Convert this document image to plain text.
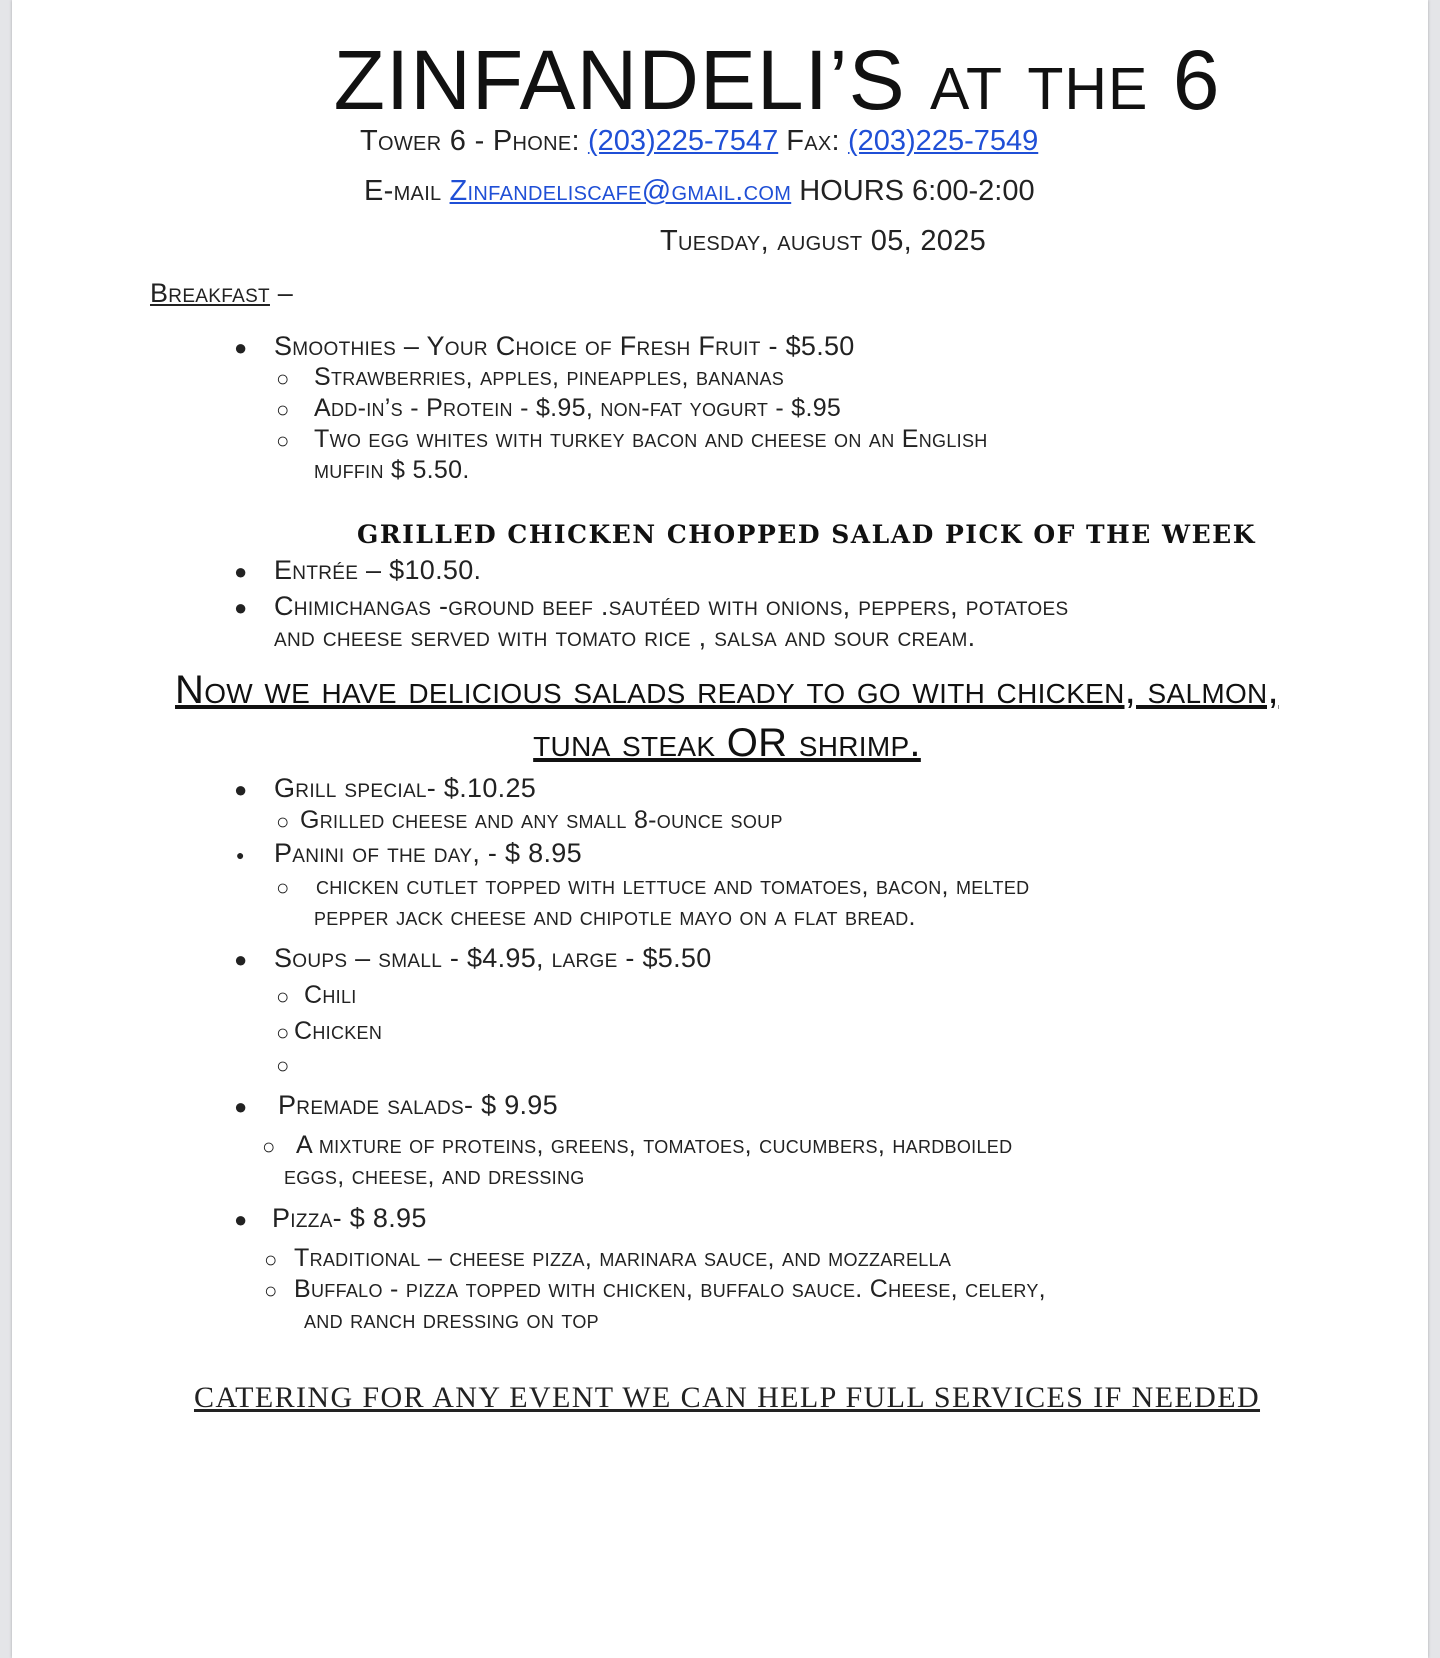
ZINFANDELI’S at the 6
Tower 6 - Phone: (203)225-7547 Fax: (203)225-7549
E-mail Zinfandeliscafe@gmail.com HOURS 6:00-2:00
Tuesday, august 05, 2025
Breakfast –
● Smoothies – Your Choice of Fresh Fruit - $5.50
○ Strawberries, apples, pineapples, bananas
○ Add-in’s - Protein - $.95, non-fat yogurt - $.95
○ Two egg whites with turkey bacon and cheese on an English
muffin $ 5.50.
GRILLED CHICKEN CHOPPED SALAD PICK OF THE WEEK
● Entrée – $10.50.
● Chimichangas -ground beef .sautéed with onions, peppers, potatoes
and cheese served with tomato rice , salsa and sour cream.
Now we have delicious salads ready to go with chicken, salmon, tuna steak OR shrimp.
● Grill special- $.10.25
○ Grilled cheese and any small 8-ounce soup
● Panini of the day, - $ 8.95
○ chicken cutlet topped with lettuce and tomatoes, bacon, melted
pepper jack cheese and chipotle mayo on a flat bread.
● Soups – small - $4.95, large - $5.50
○ Chili
○ Chicken
○
● Premade salads- $ 9.95
○ A mixture of proteins, greens, tomatoes, cucumbers, hardboiled
eggs, cheese, and dressing
● Pizza- $ 8.95
○ Traditional – cheese pizza, marinara sauce, and mozzarella
○ Buffalo - pizza topped with chicken, buffalo sauce. Cheese, celery,
and ranch dressing on top
CATERING FOR ANY EVENT WE CAN HELP FULL SERVICES IF NEEDED
